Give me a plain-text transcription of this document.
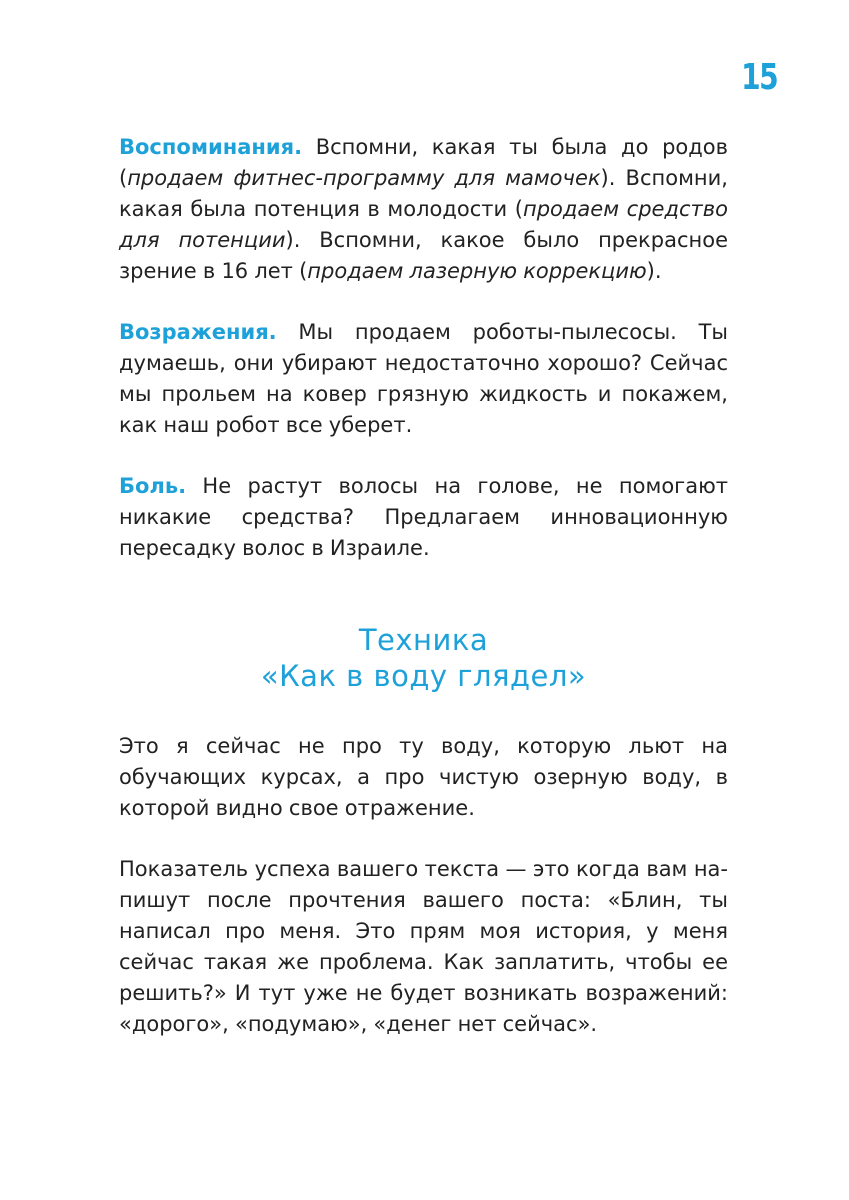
15

Воспоминания. Вспомни, какая ты была до родов (продаем фитнес-программу для мамочек). Вспомни, какая была потенция в молодости (продаем средство для потенции). Вспомни, какое было прекрасное зрение в 16 лет (продаем лазерную коррекцию).

Возражения. Мы продаем роботы-пылесосы. Ты думаешь, они убирают недостаточно хорошо? Сейчас мы прольем на ковер грязную жидкость и покажем, как наш робот все уберет.

Боль. Не растут волосы на голове, не помогают никакие средства? Предлагаем инновационную пересадку волос в Израиле.

Техника
«Как в воду глядел»

Это я сейчас не про ту воду, которую льют на обучающих курсах, а про чистую озерную воду, в которой видно свое отражение.

Показатель успеха вашего текста — это когда вам напишут после прочтения вашего поста: «Блин, ты написал про меня. Это прям моя история, у меня сейчас такая же проблема. Как заплатить, чтобы ее решить?» И тут уже не будет возникать возражений: «дорого», «подумаю», «денег нет сейчас».
